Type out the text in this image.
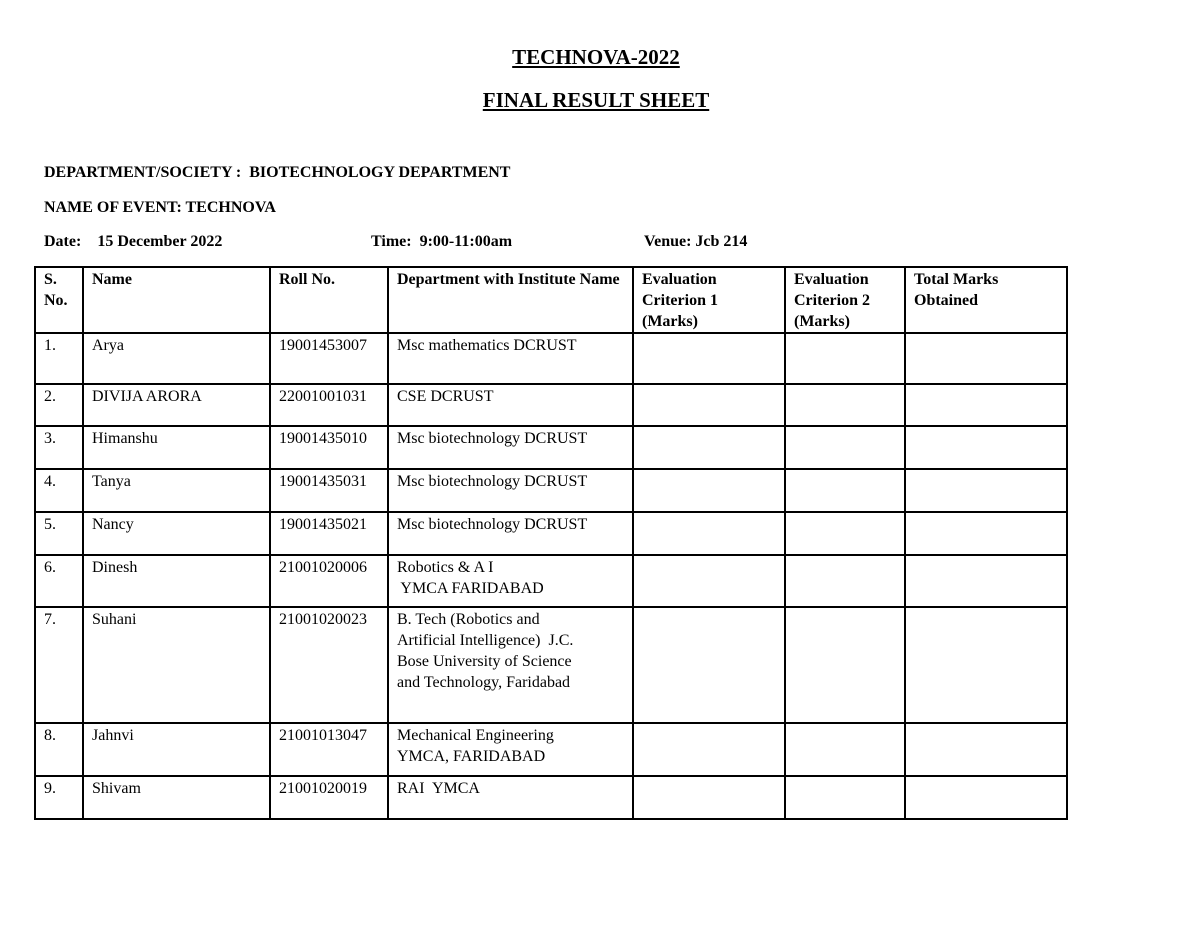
TECHNOVA-2022
FINAL RESULT SHEET
DEPARTMENT/SOCIETY : BIOTECHNOLOGY DEPARTMENT
NAME OF EVENT: TECHNOVA
Date: 15 December 2022	Time: 9:00-11:00am	Venue: Jcb 214
S. No.	Name	Roll No.	Department with Institute Name	Evaluation Criterion 1 (Marks)	Evaluation Criterion 2 (Marks)	Total Marks Obtained
1.	Arya	19001453007	Msc mathematics DCRUST			

2.	DIVIJA ARORA	22001001031	CSE DCRUST			

3.	Himanshu	19001435010	Msc biotechnology DCRUST			

4.	Tanya	19001435031	Msc biotechnology DCRUST			

5.	Nancy	19001435021	Msc biotechnology DCRUST			

6.	Dinesh	21001020006	Robotics & A I
YMCA FARIDABAD			

7.	Suhani	21001020023	B. Tech (Robotics and
Artificial Intelligence)  J.C.
Bose University of Science
and Technology, Faridabad			

8.	Jahnvi	21001013047	Mechanical Engineering
YMCA, FARIDABAD			

9.	Shivam	21001020019	RAI  YMCA			
